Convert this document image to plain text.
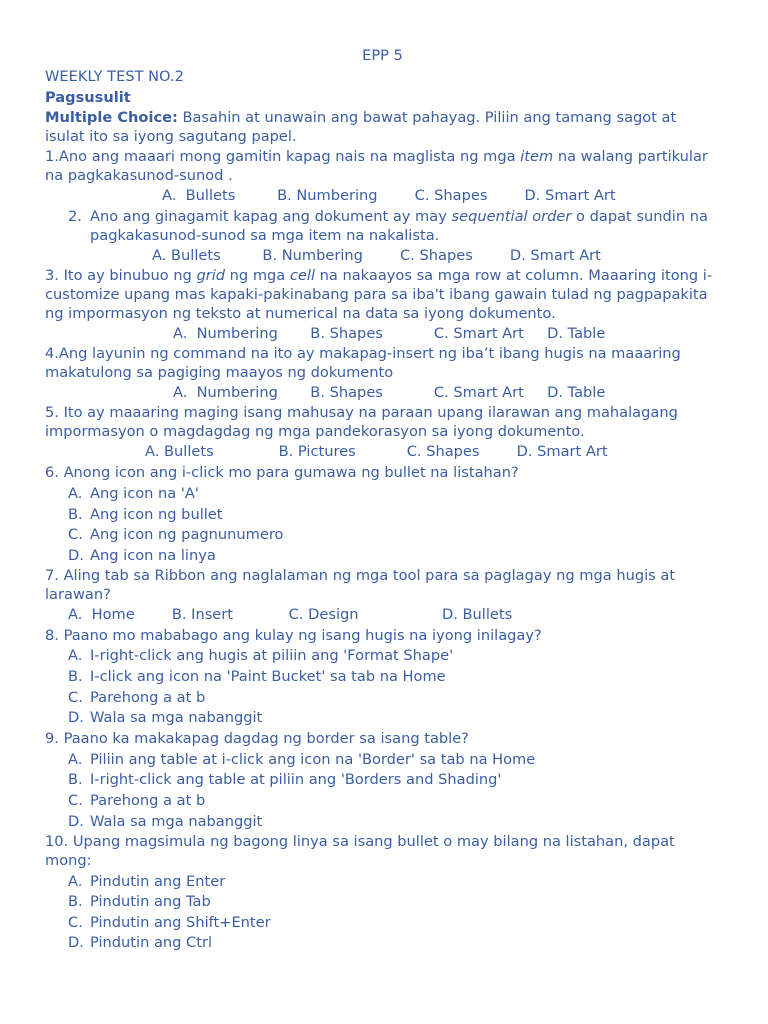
EPP 5
WEEKLY TEST NO.2
Pagsusulit
Multiple Choice: Basahin at unawain ang bawat pahayag. Piliin ang tamang sagot at isulat ito sa iyong sagutang papel.
1.Ano ang maaari mong gamitin kapag nais na maglista ng mga item na walang partikular na pagkakasunod-sunod .
A.  Bullets         B. Numbering        C. Shapes        D. Smart Art
2. Ano ang ginagamit kapag ang dokument ay may sequential order o dapat sundin na pagkakasunod-sunod sa mga item na nakalista.
A. Bullets         B. Numbering        C. Shapes        D. Smart Art
3. Ito ay binubuo ng grid ng mga cell na nakaayos sa mga row at column. Maaaring itong i-customize upang mas kapaki-pakinabang para sa iba't ibang gawain tulad ng pagpapakita ng impormasyon ng teksto at numerical na data sa iyong dokumento.
A.  Numbering       B. Shapes           C. Smart Art     D. Table
4.Ang layunin ng command na ito ay makapag-insert ng iba’t ibang hugis na maaaring makatulong sa pagiging maayos ng dokumento
A.  Numbering       B. Shapes           C. Smart Art     D. Table
5. Ito ay maaaring maging isang mahusay na paraan upang ilarawan ang mahalagang impormasyon o magdagdag ng mga pandekorasyon sa iyong dokumento.
A. Bullets              B. Pictures           C. Shapes        D. Smart Art
6. Anong icon ang i-click mo para gumawa ng bullet na listahan?
A. Ang icon na 'A'
B. Ang icon ng bullet
C. Ang icon ng pagnunumero
D. Ang icon na linya
7. Aling tab sa Ribbon ang naglalaman ng mga tool para sa paglagay ng mga hugis at larawan?
A.  Home        B. Insert            C. Design                  D. Bullets
8. Paano mo mababago ang kulay ng isang hugis na iyong inilagay?
A. I-right-click ang hugis at piliin ang 'Format Shape'
B. I-click ang icon na 'Paint Bucket' sa tab na Home
C. Parehong a at b
D. Wala sa mga nabanggit
9. Paano ka makakapag dagdag ng border sa isang table?
A. Piliin ang table at i-click ang icon na 'Border' sa tab na Home
B. I-right-click ang table at piliin ang 'Borders and Shading'
C. Parehong a at b
D. Wala sa mga nabanggit
10. Upang magsimula ng bagong linya sa isang bullet o may bilang na listahan, dapat mong:
A. Pindutin ang Enter
B. Pindutin ang Tab
C. Pindutin ang Shift+Enter
D. Pindutin ang Ctrl
